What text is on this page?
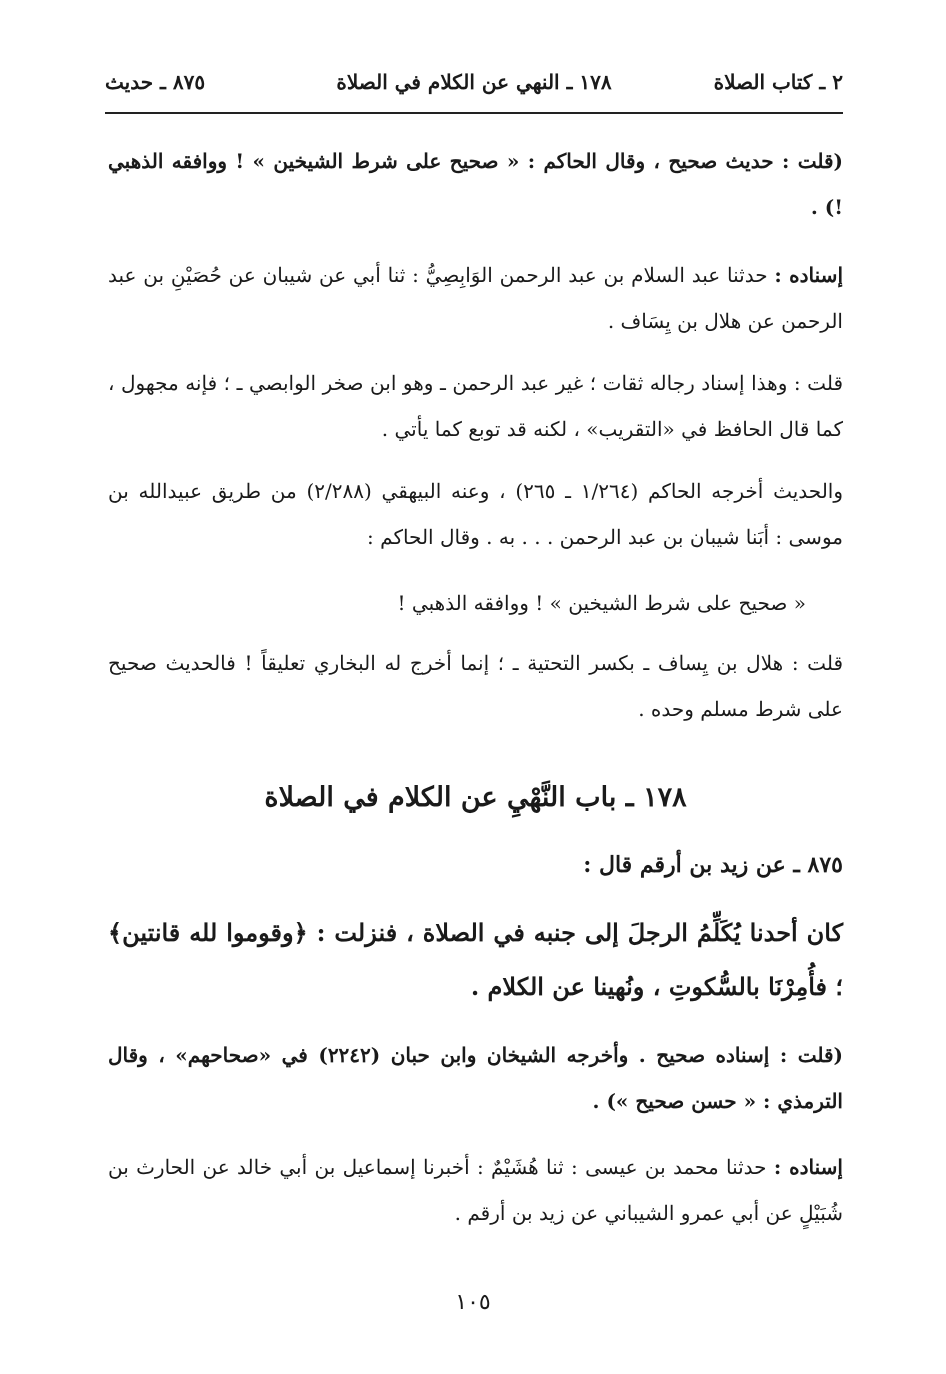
٢ ـ كتاب الصلاة
١٧٨ ـ النهي عن الكلام في الصلاة
٨٧٥ ـ حديث

(قلت : حديث صحيح ، وقال الحاكم : « صحيح على شرط الشيخين » ! ووافقه الذهبي !) .

إسناده : حدثنا عبد السلام بن عبد الرحمن الوَابِصِيُّ : ثنا أبي عن شيبان عن حُصَيْنِ بن عبد الرحمن عن هلال بن يِسَاف .

قلت : وهذا إسناد رجاله ثقات ؛ غير عبد الرحمن ـ وهو ابن صخر الوابصي ـ ؛ فإنه مجهول ، كما قال الحافظ في «التقريب» ، لكنه قد توبع كما يأتي .

والحديث أخرجه الحاكم (١/٢٦٤ ـ ٢٦٥) ، وعنه البيهقي (٢/٢٨٨) من طريق عبيدالله بن موسى : أبَنا شيبان بن عبد الرحمن . . . به . وقال الحاكم :

« صحيح على شرط الشيخين » ! ووافقه الذهبي !

قلت : هلال بن يِساف ـ بكسر التحتية ـ ؛ إنما أخرج له البخاري تعليقاً ! فالحديث صحيح على شرط مسلم وحده .

١٧٨ ـ باب النَّهْيِ عن الكلام في الصلاة
٨٧٥ ـ عن زيد بن أرقم قال :

كان أحدنا يُكَلِّمُ الرجلَ إلى جنبه في الصلاة ، فنزلت : ﴿وقوموا لله قانتين﴾ ؛ فأُمِرْنَا بالسُّكوتِ ، ونُهينا عن الكلام .

(قلت : إسناده صحيح . وأخرجه الشيخان وابن حبان (٢٢٤٢) في «صحاحهم» ، وقال الترمذي : « حسن صحيح ») .

إسناده : حدثنا محمد بن عيسى : ثنا هُشَيْمٌ : أخبرنا إسماعيل بن أبي خالد عن الحارث بن شُبَيْلٍ عن أبي عمرو الشيباني عن زيد بن أرقم .

١٠٥
